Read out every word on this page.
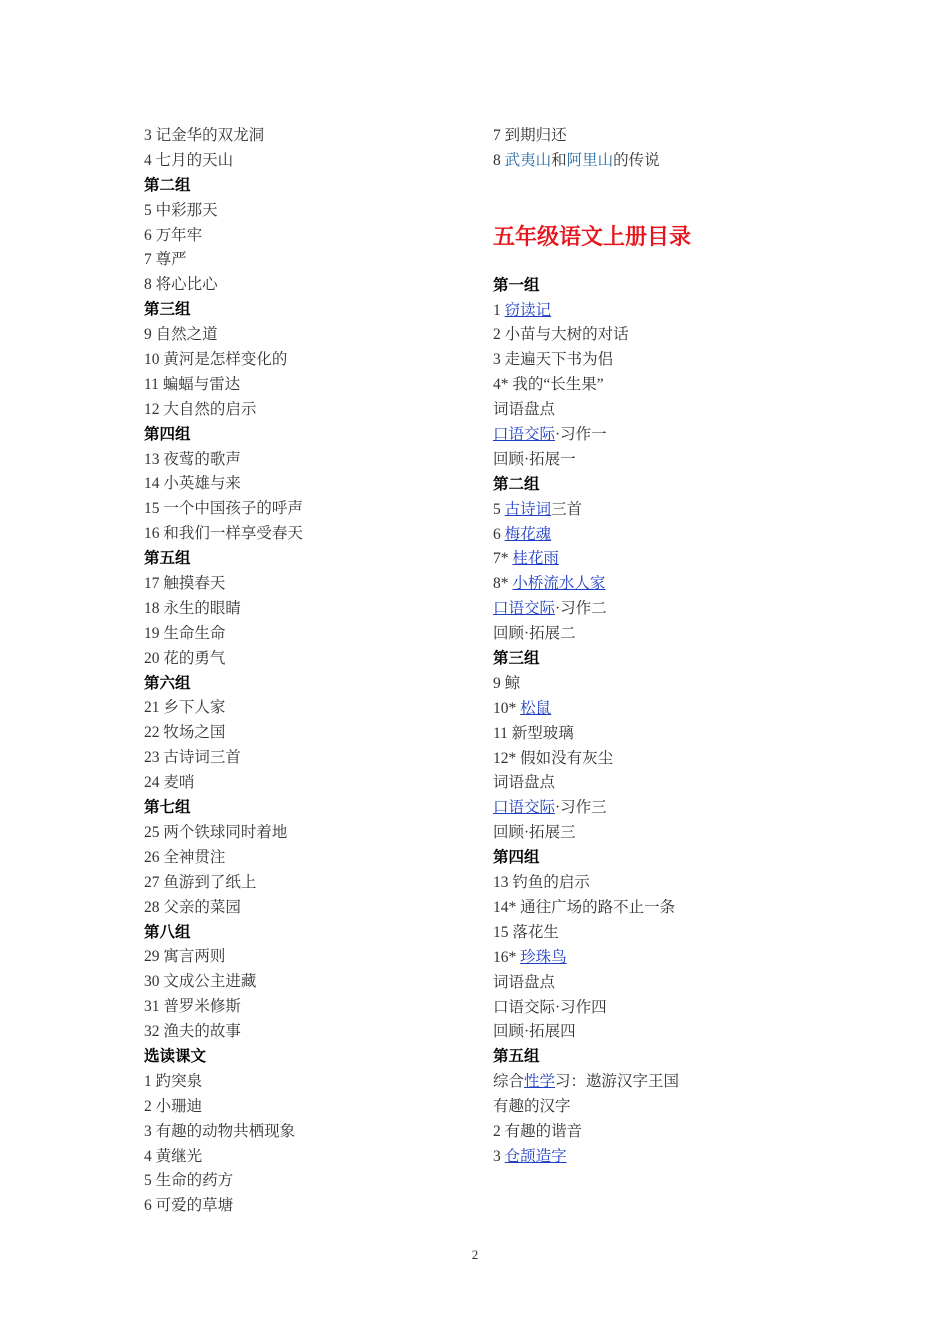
3 记金华的双龙洞
4 七月的天山
第二组
5 中彩那天
6 万年牢
7 尊严
8 将心比心
第三组
9 自然之道
10 黄河是怎样变化的
11 蝙蝠与雷达
12 大自然的启示
第四组
13 夜莺的歌声
14 小英雄与来
15 一个中国孩子的呼声
16 和我们一样享受春天
第五组
17 触摸春天
18 永生的眼睛
19 生命生命
20 花的勇气
第六组
21 乡下人家
22 牧场之国
23 古诗词三首
24 麦哨
第七组
25 两个铁球同时着地
26 全神贯注
27 鱼游到了纸上
28 父亲的菜园
第八组
29 寓言两则
30 文成公主进藏
31 普罗米修斯
32 渔夫的故事
选读课文
1 趵突泉
2 小珊迪
3 有趣的动物共栖现象
4 黄继光
5 生命的药方
6 可爱的草塘
7 到期归还
8 武夷山和阿里山的传说
五年级语文上册目录
第一组
1 窃读记
2 小苗与大树的对话
3 走遍天下书为侣
4* 我的“长生果”
词语盘点
口语交际·习作一
回顾·拓展一
第二组
5 古诗词三首
6 梅花魂
7* 桂花雨
8* 小桥流水人家
口语交际·习作二
回顾·拓展二
第三组
9 鲸
10* 松鼠
11 新型玻璃
12* 假如没有灰尘
词语盘点
口语交际·习作三
回顾·拓展三
第四组
13 钓鱼的启示
14* 通往广场的路不止一条
15 落花生
16* 珍珠鸟
词语盘点
口语交际·习作四
回顾·拓展四
第五组
综合性学习：遨游汉字王国
有趣的汉字
2 有趣的谐音
3 仓颉造字
2
